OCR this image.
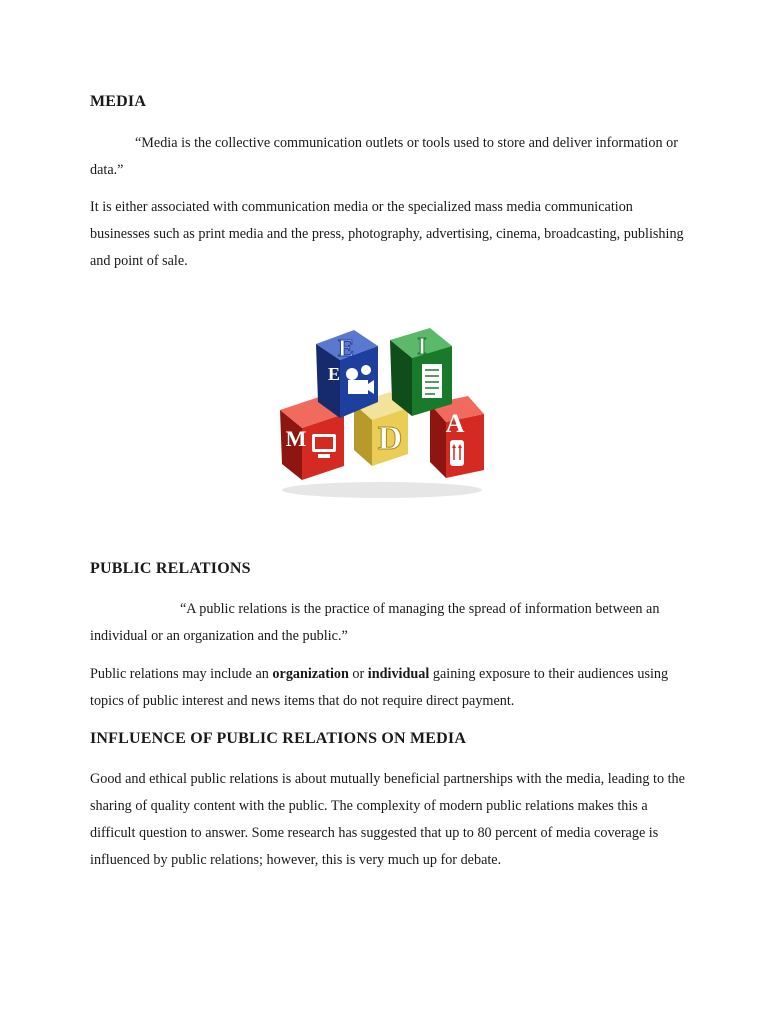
MEDIA

“Media is the collective communication outlets or tools used to store and deliver information or data.”

It is either associated with communication media or the specialized mass media communication businesses such as print media and the press, photography, advertising, cinema, broadcasting, publishing and point of sale.

D
M
A
E
E
I
PUBLIC RELATIONS

“A public relations is the practice of managing the spread of information between an individual or an organization and the public.”

Public relations may include an organization or individual gaining exposure to their audiences using topics of public interest and news items that do not require direct payment.

INFLUENCE OF PUBLIC RELATIONS ON MEDIA

Good and ethical public relations is about mutually beneficial partnerships with the media, leading to the sharing of quality content with the public. The complexity of modern public relations makes this a difficult question to answer. Some research has suggested that up to 80 percent of media coverage is influenced by public relations; however, this is very much up for debate.
